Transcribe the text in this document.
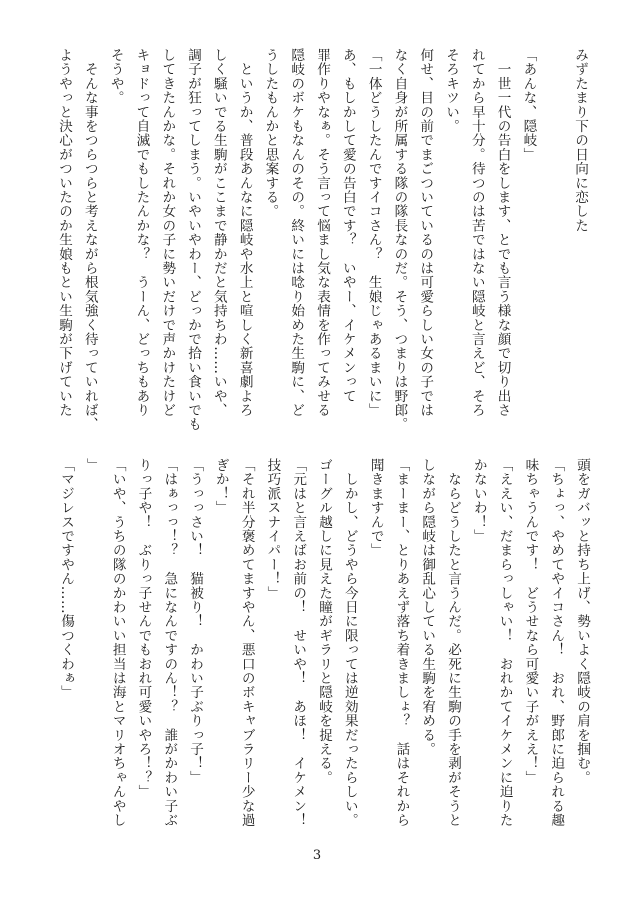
みずたまり下の日向に恋した

「あんな、隠岐」
　一世一代の告白をします、とでも言う様な顔で切り出さ
れてから早十分。待つのは苦ではない隠岐と言えど、そろ
そろキツい。
何せ、目の前でまごついているのは可愛らしい女の子では
なく自身が所属する隊の隊長なのだ。そう、つまりは野郎。
「一体どうしたんですイコさん？　生娘じゃあるまいに」
あ、もしかして愛の告白です？　いやー、イケメンって
罪作りやなぁ。そう言って悩まし気な表情を作ってみせる
隠岐のボケもなんのその。終いには唸り始めた生駒に、ど
うしたもんかと思案する。
　というか、普段あんなに隠岐や水上と喧しく新喜劇よろ
しく騒いでる生駒がここまで静かだと気持ちわ……いや、
調子が狂ってしまう。いやいやわー、どっかで拾い食いでも
してきたんかな。それか女の子に勢いだけで声かけたけど
キョドって自滅でもしたんかな？　うーん、どっちもあり
そうや。
　そんな事をつらつらと考えながら根気強く待っていれば、
ようやっと決心がついたのか生娘もとい生駒が下げていた
頭をガバッと持ち上げ、勢いよく隠岐の肩を掴む。
「ちょっ、やめてやイコさん！　おれ、野郎に迫られる趣
味ちゃうんです！　どうせなら可愛い子がええ！」
「ええい、だまらっしゃい！　おれかてイケメンに迫りた
かないわ！」
　ならどうしたと言うんだ。必死に生駒の手を剥がそうと
しながら隠岐は御乱心している生駒を宥める。
「まーまー、とりあえず落ち着きましょ？　話はそれから
聞きますんで」
　しかし、どうやら今日に限っては逆効果だったらしい。
ゴーグル越しに見えた瞳がギラリと隠岐を捉える。
「元はと言えばお前の！　せいや！　あほ！　イケメン！
技巧派スナイパー！」
「それ半分褒めてますやん、悪口のボキャブラリー少な過
ぎか！」
「うっっさい！　猫被り！　かわい子ぶりっ子！」
「はぁっっ！？　急になんですのん！？　誰がかわい子ぶ
りっ子や！　ぶりっ子せんでもおれ可愛いやろ！？」
「いや、うちの隊のかわいい担当は海とマリオちゃんやし
」
「マジレスですやん……傷つくわぁ」
3
